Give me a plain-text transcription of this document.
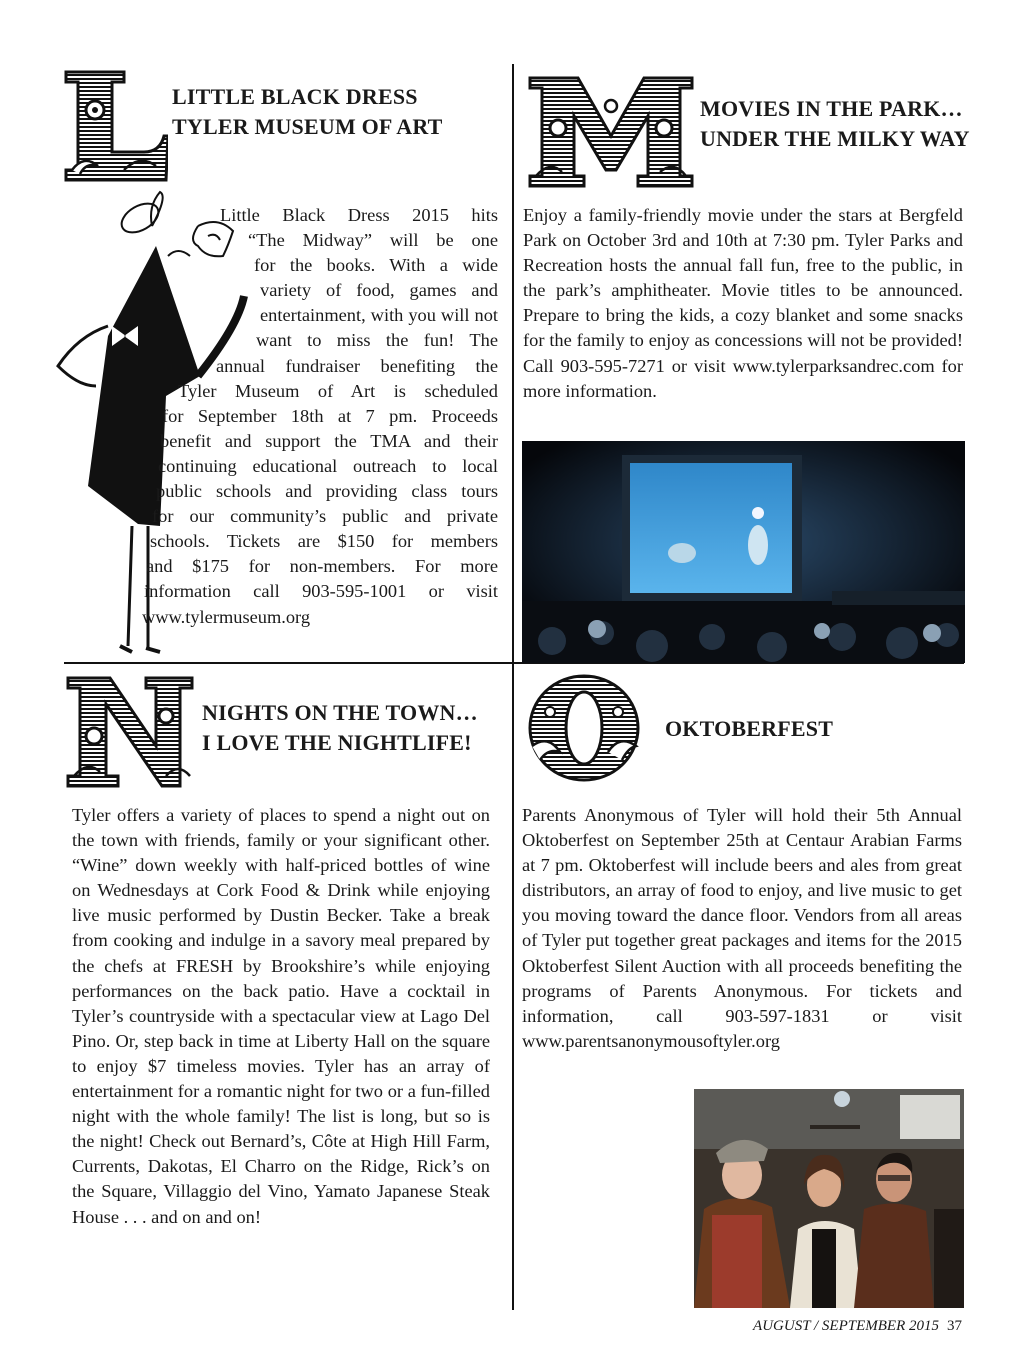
LITTLE BLACK DRESS
TYLER MUSEUM OF ART
Little Black Dress 2015 hits
“The Midway” will be one
for the books. With a wide
variety of food, games and
entertainment, with you will not
want to miss the fun! The
annual fundraiser benefiting the
Tyler Museum of Art is scheduled
for September 18th at 7 pm. Proceeds
benefit and support the TMA and their
continuing educational outreach to local
public schools and providing class tours
for our community’s public and private
schools. Tickets are $150 for members
and $175 for non-members. For more
information call 903-595-1001 or visit
www.tylermuseum.org
MOVIES IN THE PARK…
UNDER THE MILKY WAY
Enjoy a family-friendly movie under the stars at Bergfeld Park on October 3rd and 10th at 7:30 pm. Tyler Parks and Recreation hosts the annual fall fun, free to the public, in the park’s amphitheater. Movie titles to be announced. Prepare to bring the kids, a cozy blanket and some snacks for the family to enjoy as concessions will not be provided! Call 903-595-7271 or visit www.tylerparksandrec.com for more information.
NIGHTS ON THE TOWN…
I LOVE THE NIGHTLIFE!
Tyler offers a variety of places to spend a night out on the town with friends, family or your significant other. “Wine” down weekly with half-priced bottles of wine on Wednesdays at Cork Food & Drink while enjoying live music performed by Dustin Becker. Take a break from cooking and indulge in a savory meal prepared by the chefs at FRESH by Brookshire’s while enjoying performances on the back patio. Have a cocktail in Tyler’s countryside with a spectacular view at Lago Del Pino. Or, step back in time at Liberty Hall on the square to enjoy $7 timeless movies. Tyler has an array of entertainment for a romantic night for two or a fun-filled night with the whole family! The list is long, but so is the night! Check out Bernard’s, Côte at High Hill Farm, Currents, Dakotas, El Charro on the Ridge, Rick’s on the Square, Villaggio del Vino, Yamato Japanese Steak House . . . and on and on!
OKTOBERFEST
Parents Anonymous of Tyler will hold their 5th Annual Oktoberfest on September 25th at Centaur Arabian Farms at 7 pm. Oktoberfest will include beers and ales from great distributors, an array of food to enjoy, and live music to get you moving toward the dance floor. Vendors from all areas of Tyler put together great packages and items for the 2015 Oktoberfest Silent Auction with all proceeds benefiting the programs of Parents Anonymous. For tickets and information, call 903-597-1831 or visit www.parentsanonymousoftyler.org
AUGUST / SEPTEMBER 2015 37
